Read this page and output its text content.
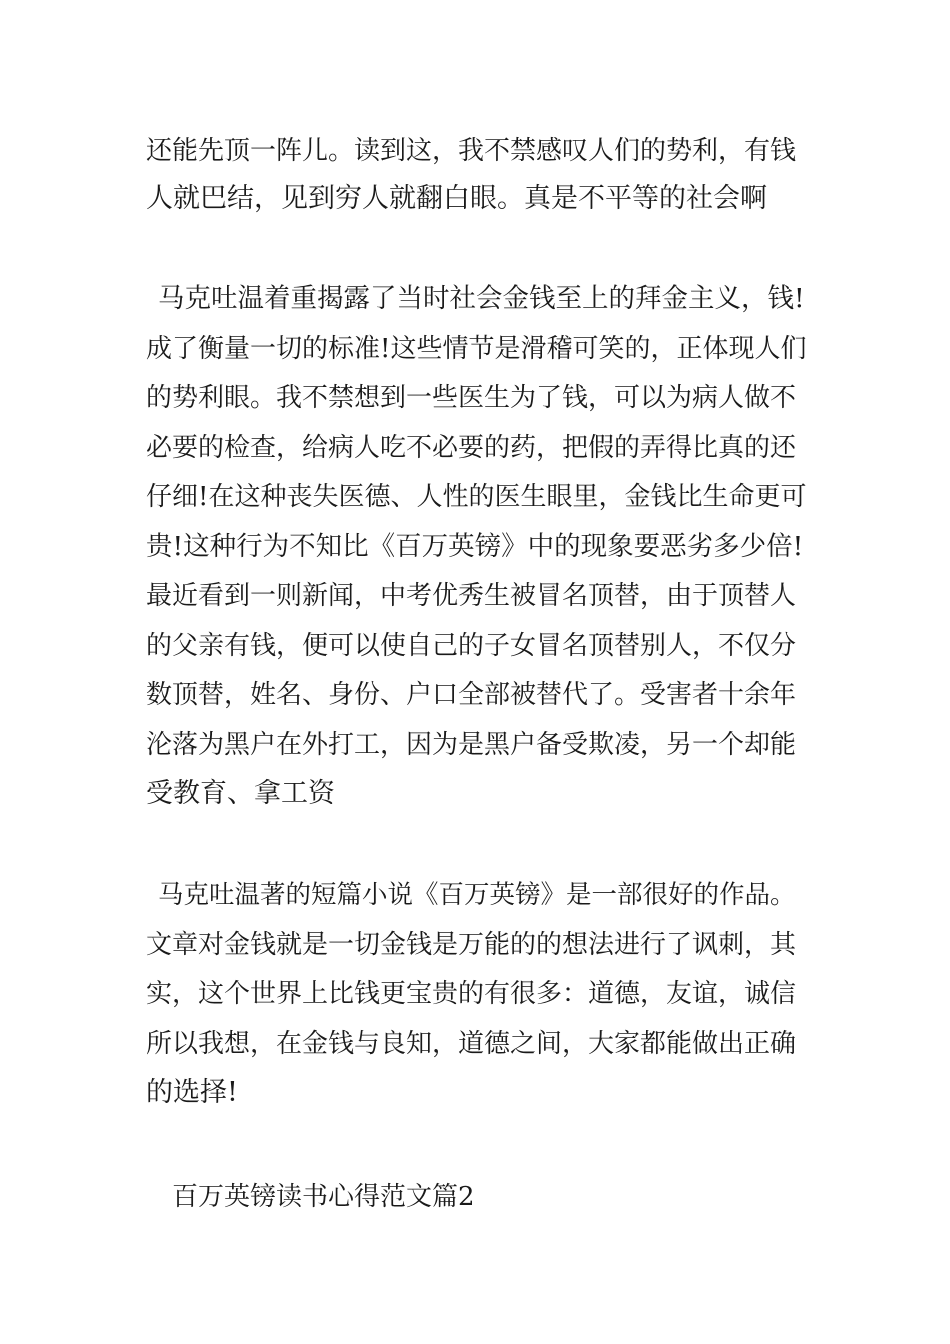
还能先顶一阵儿。读到这，我不禁感叹人们的势利，有钱
人就巴结，见到穷人就翻白眼。真是不平等的社会啊
马克吐温着重揭露了当时社会金钱至上的拜金主义，钱!
成了衡量一切的标准!这些情节是滑稽可笑的，正体现人们
的势利眼。我不禁想到一些医生为了钱，可以为病人做不
必要的检查，给病人吃不必要的药，把假的弄得比真的还
仔细!在这种丧失医德、人性的医生眼里，金钱比生命更可
贵!这种行为不知比《百万英镑》中的现象要恶劣多少倍!
最近看到一则新闻，中考优秀生被冒名顶替，由于顶替人
的父亲有钱，便可以使自己的子女冒名顶替别人，不仅分
数顶替，姓名、身份、户口全部被替代了。受害者十余年
沦落为黑户在外打工，因为是黑户备受欺凌，另一个却能
受教育、拿工资
马克吐温著的短篇小说《百万英镑》是一部很好的作品。
文章对金钱就是一切金钱是万能的的想法进行了讽刺，其
实，这个世界上比钱更宝贵的有很多：道德，友谊，诚信
所以我想，在金钱与良知，道德之间，大家都能做出正确
的选择!
百万英镑读书心得范文篇2
